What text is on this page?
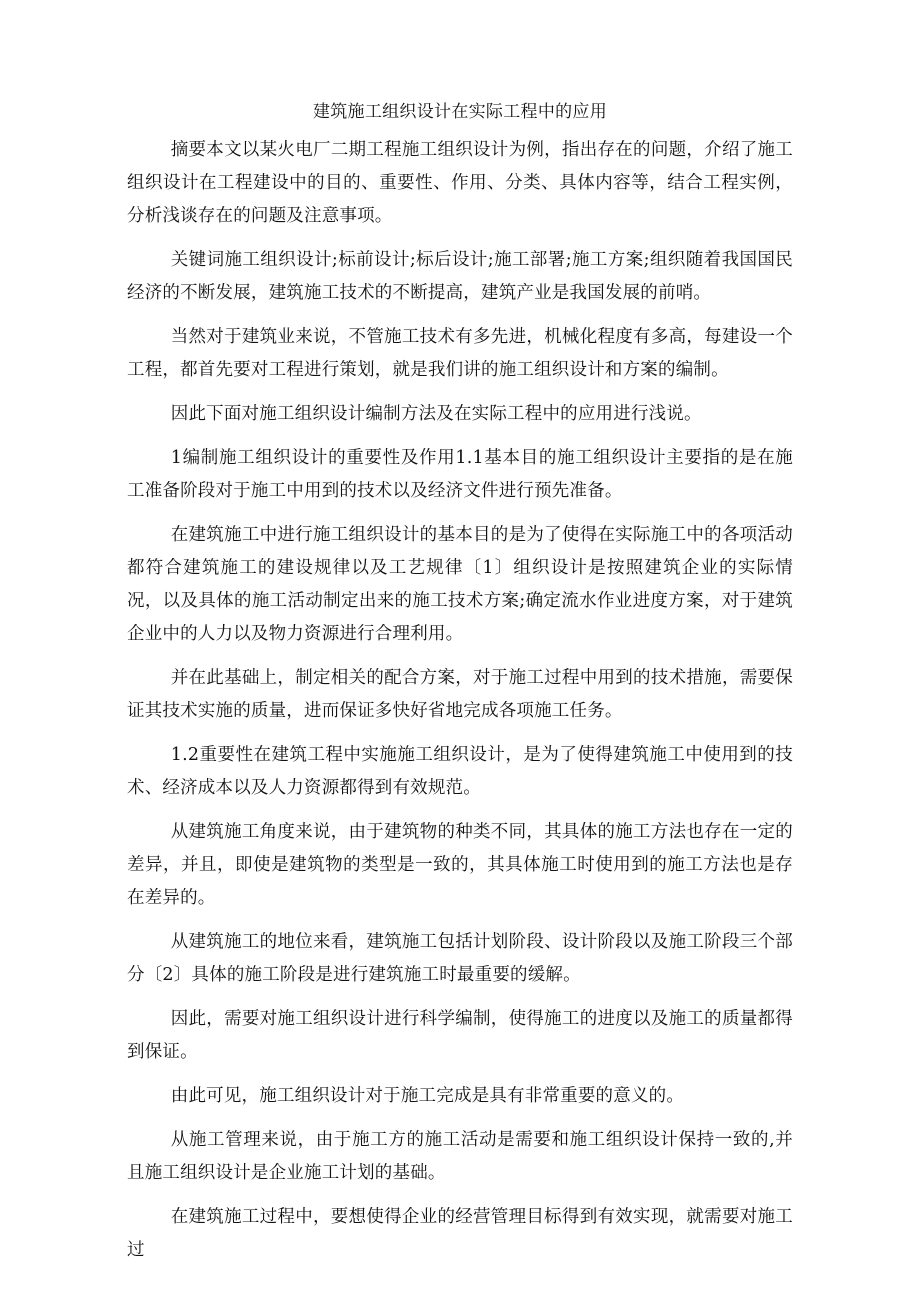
建筑施工组织设计在实际工程中的应用

摘要本文以某火电厂二期工程施工组织设计为例，指出存在的问题，介绍了施工组织设计在工程建设中的目的、重要性、作用、分类、具体内容等，结合工程实例，分析浅谈存在的问题及注意事项。

关键词施工组织设计;标前设计;标后设计;施工部署;施工方案;组织随着我国国民经济的不断发展，建筑施工技术的不断提高，建筑产业是我国发展的前哨。

当然对于建筑业来说，不管施工技术有多先进，机械化程度有多高，每建设一个工程，都首先要对工程进行策划，就是我们讲的施工组织设计和方案的编制。

因此下面对施工组织设计编制方法及在实际工程中的应用进行浅说。

1编制施工组织设计的重要性及作用1.1基本目的施工组织设计主要指的是在施工准备阶段对于施工中用到的技术以及经济文件进行预先准备。

在建筑施工中进行施工组织设计的基本目的是为了使得在实际施工中的各项活动都符合建筑施工的建设规律以及工艺规律〔1〕组织设计是按照建筑企业的实际情况，以及具体的施工活动制定出来的施工技术方案;确定流水作业进度方案，对于建筑企业中的人力以及物力资源进行合理利用。

并在此基础上，制定相关的配合方案，对于施工过程中用到的技术措施，需要保证其技术实施的质量，进而保证多快好省地完成各项施工任务。

1.2重要性在建筑工程中实施施工组织设计，是为了使得建筑施工中使用到的技术、经济成本以及人力资源都得到有效规范。

从建筑施工角度来说，由于建筑物的种类不同，其具体的施工方法也存在一定的差异，并且，即使是建筑物的类型是一致的，其具体施工时使用到的施工方法也是存在差异的。

从建筑施工的地位来看，建筑施工包括计划阶段、设计阶段以及施工阶段三个部分〔2〕具体的施工阶段是进行建筑施工时最重要的缓解。

因此，需要对施工组织设计进行科学编制，使得施工的进度以及施工的质量都得到保证。

由此可见，施工组织设计对于施工完成是具有非常重要的意义的。

从施工管理来说，由于施工方的施工活动是需要和施工组织设计保持一致的,并且施工组织设计是企业施工计划的基础。

在建筑施工过程中，要想使得企业的经营管理目标得到有效实现，就需要对施工过
